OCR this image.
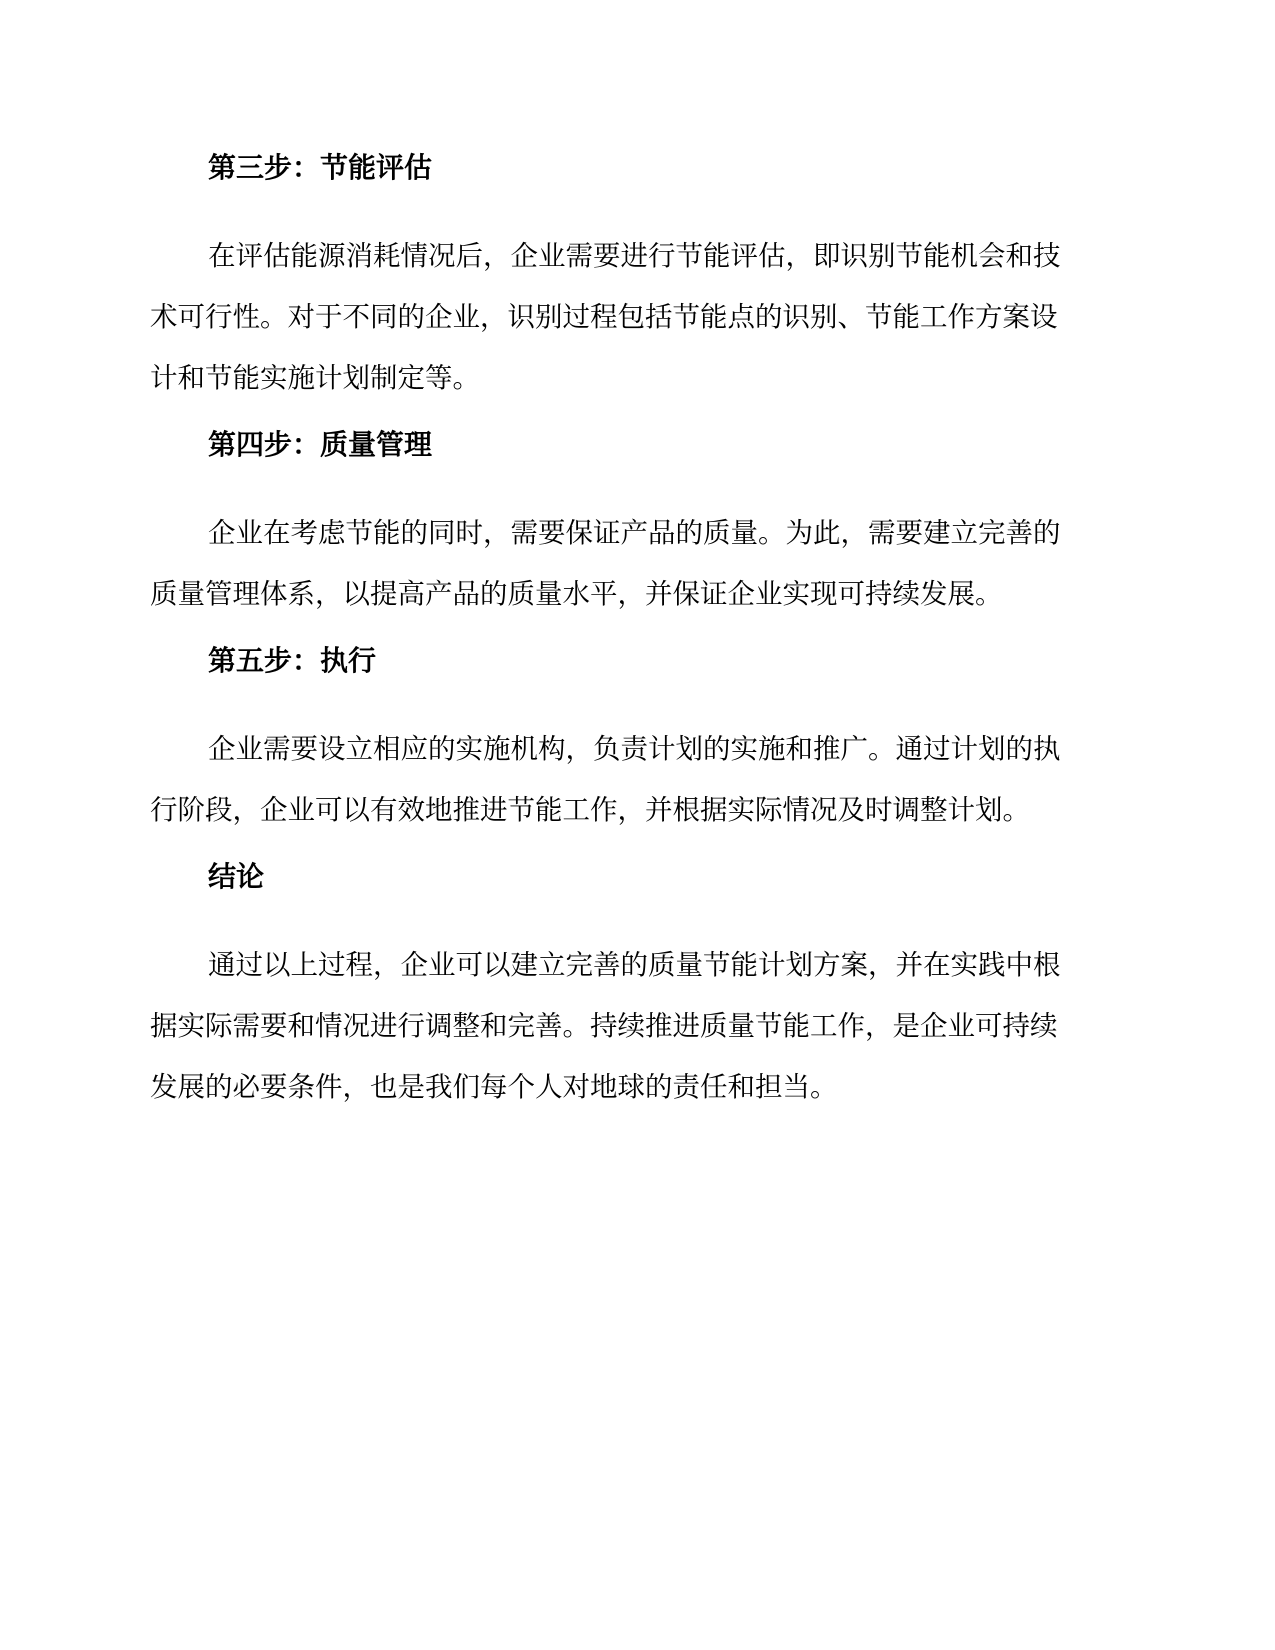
第三步：节能评估
在评估能源消耗情况后，企业需要进行节能评估，即识别节能机会和技
术可行性。对于不同的企业，识别过程包括节能点的识别、节能工作方案设
计和节能实施计划制定等。
第四步：质量管理
企业在考虑节能的同时，需要保证产品的质量。为此，需要建立完善的
质量管理体系，以提高产品的质量水平，并保证企业实现可持续发展。
第五步：执行
企业需要设立相应的实施机构，负责计划的实施和推广。通过计划的执
行阶段，企业可以有效地推进节能工作，并根据实际情况及时调整计划。
结论
通过以上过程，企业可以建立完善的质量节能计划方案，并在实践中根
据实际需要和情况进行调整和完善。持续推进质量节能工作，是企业可持续
发展的必要条件，也是我们每个人对地球的责任和担当。
